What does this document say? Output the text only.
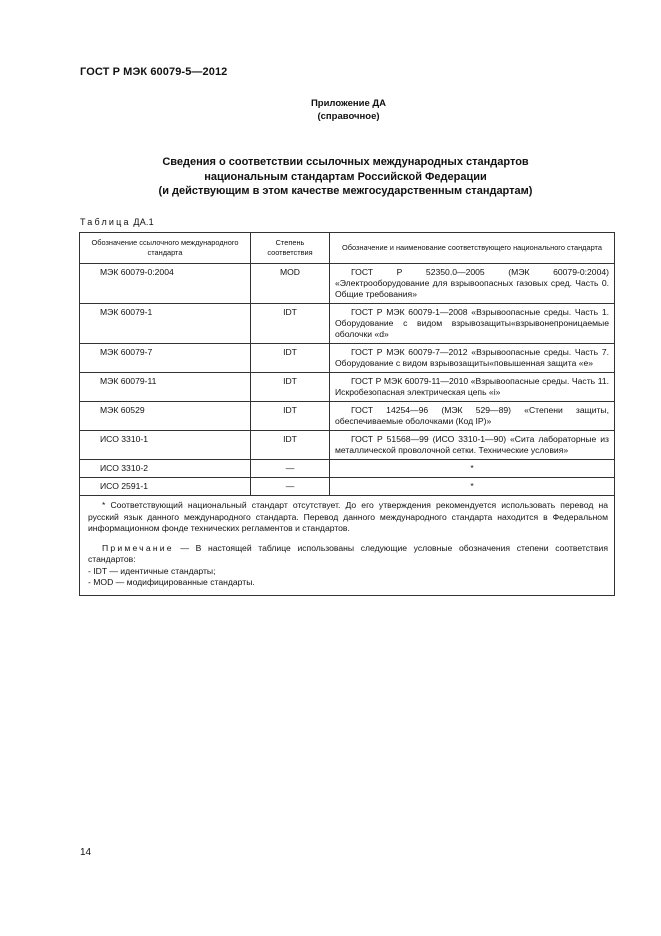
ГОСТ Р МЭК 60079-5—2012
Приложение ДА
(справочное)
Сведения о соответствии ссылочных международных стандартов
национальным стандартам Российской Федерации
(и действующим в этом качестве межгосударственным стандартам)
Таблица ДА.1
Обозначение ссылочного международного стандарта	Степень соответствия	Обозначение и наименование соответствующего национального стандарта
МЭК 60079-0:2004	MOD	ГОСТ Р 52350.0—2005 (МЭК 60079-0:2004) «Электрооборудование для взрывоопасных газовых сред. Часть 0. Общие требования»
МЭК 60079-1	IDT	ГОСТ Р МЭК 60079-1—2008 «Взрывоопасные среды. Часть 1. Оборудование с видом взрывозащиты«взрывонепроницаемые оболочки «d»
МЭК 60079-7	IDT	ГОСТ Р МЭК 60079-7—2012 «Взрывоопасные среды. Часть 7. Оборудование с видом взрывозащиты«повышенная защита «е»
МЭК 60079-11	IDT	ГОСТ Р МЭК 60079-11—2010 «Взрывоопасные среды. Часть 11. Искробезопасная электрическая цепь «i»
МЭК 60529	IDT	ГОСТ 14254—96 (МЭК 529—89) «Степени защиты, обеспечиваемые оболочками (Код IP)»
ИСО 3310-1	IDT	ГОСТ Р 51568—99 (ИСО 3310-1—90) «Сита лабораторные из металлической проволочной сетки. Технические условия»
ИСО 3310-2	—	*
ИСО 2591-1	—	*

* Соответствующий национальный стандарт отсутствует. До его утверждения рекомендуется использовать перевод на русский язык данного международного стандарта. Перевод данного международного стандарта находится в Федеральном информационном фонде технических регламентов и стандартов.

Примечание — В настоящей таблице использованы следующие условные обозначения степени соответствия стандартов:

- IDT — идентичные стандарты;

- MOD — модифицированные стандарты.		

14
